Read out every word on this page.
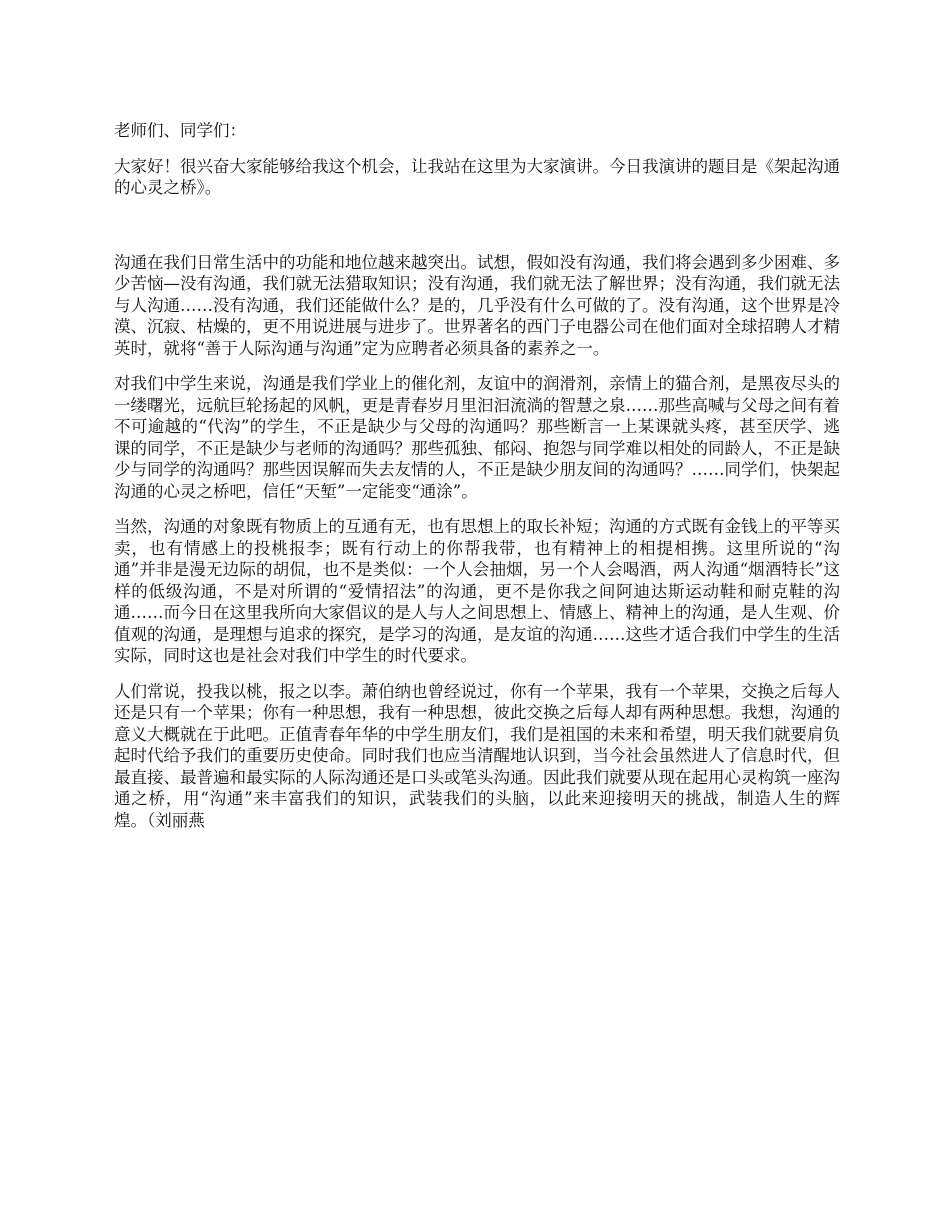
老师们、同学们：

大家好！很兴奋大家能够给我这个机会，让我站在这里为大家演讲。今日我演讲的题目是《架起沟通的心灵之桥》。

沟通在我们日常生活中的功能和地位越来越突出。试想，假如没有沟通，我们将会遇到多少困难、多少苦恼—没有沟通，我们就无法猎取知识；没有沟通，我们就无法了解世界；没有沟通，我们就无法与人沟通……没有沟通，我们还能做什么？是的，几乎没有什么可做的了。没有沟通，这个世界是冷漠、沉寂、枯燥的，更不用说进展与进步了。世界著名的西门子电器公司在他们面对全球招聘人才精英时，就将“善于人际沟通与沟通”定为应聘者必须具备的素养之一。

对我们中学生来说，沟通是我们学业上的催化剂，友谊中的润滑剂，亲情上的猫合剂，是黑夜尽头的一缕曙光，远航巨轮扬起的风帆，更是青春岁月里汩汩流淌的智慧之泉……那些高喊与父母之间有着不可逾越的“代沟”的学生，不正是缺少与父母的沟通吗？那些断言一上某课就头疼，甚至厌学、逃课的同学，不正是缺少与老师的沟通吗？那些孤独、郁闷、抱怨与同学难以相处的同龄人，不正是缺少与同学的沟通吗？那些因误解而失去友情的人，不正是缺少朋友间的沟通吗？……同学们，快架起沟通的心灵之桥吧，信任“天堑”一定能变“通涂”。

当然，沟通的对象既有物质上的互通有无，也有思想上的取长补短；沟通的方式既有金钱上的平等买卖，也有情感上的投桃报李；既有行动上的你帮我带，也有精神上的相提相携。这里所说的“沟通”并非是漫无边际的胡侃，也不是类似：一个人会抽烟，另一个人会喝酒，两人沟通“烟酒特长”这样的低级沟通，不是对所谓的“爱情招法”的沟通，更不是你我之间阿迪达斯运动鞋和耐克鞋的沟通……而今日在这里我所向大家倡议的是人与人之间思想上、情感上、精神上的沟通，是人生观、价值观的沟通，是理想与追求的探究，是学习的沟通，是友谊的沟通……这些才适合我们中学生的生活实际，同时这也是社会对我们中学生的时代要求。

人们常说，投我以桃，报之以李。萧伯纳也曾经说过，你有一个苹果，我有一个苹果，交换之后每人还是只有一个苹果；你有一种思想，我有一种思想，彼此交换之后每人却有两种思想。我想，沟通的意义大概就在于此吧。正值青春年华的中学生朋友们，我们是祖国的未来和希望，明天我们就要肩负起时代给予我们的重要历史使命。同时我们也应当清醒地认识到，当今社会虽然进人了信息时代，但最直接、最普遍和最实际的人际沟通还是口头或笔头沟通。因此我们就要从现在起用心灵构筑一座沟通之桥，用“沟通”来丰富我们的知识，武装我们的头脑，以此来迎接明天的挑战，制造人生的辉煌。（刘丽燕
